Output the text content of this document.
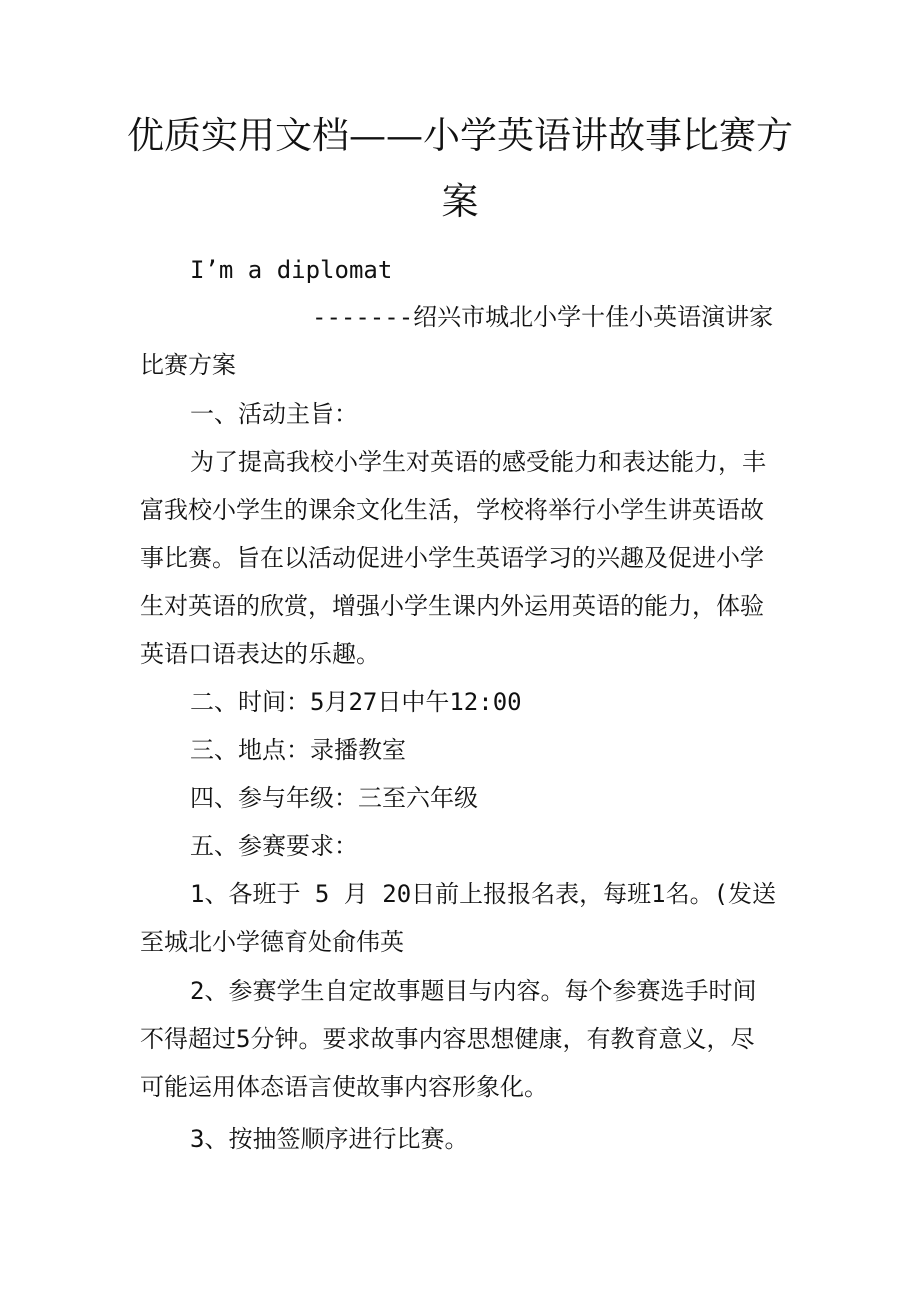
优质实用文档——小学英语讲故事比赛方
案

I’m a diplomat

-------绍兴市城北小学十佳小英语演讲家

比赛方案

一、活动主旨：

为了提高我校小学生对英语的感受能力和表达能力，丰

富我校小学生的课余文化生活，学校将举行小学生讲英语故

事比赛。旨在以活动促进小学生英语学习的兴趣及促进小学

生对英语的欣赏，增强小学生课内外运用英语的能力，体验

英语口语表达的乐趣。

二、时间：5月27日中午12:00

三、地点：录播教室

四、参与年级：三至六年级

五、参赛要求：

1、各班于 5 月 20日前上报报名表，每班1名。(发送

至城北小学德育处俞伟英

2、参赛学生自定故事题目与内容。每个参赛选手时间

不得超过5分钟。要求故事内容思想健康，有教育意义，尽

可能运用体态语言使故事内容形象化。

3、按抽签顺序进行比赛。
